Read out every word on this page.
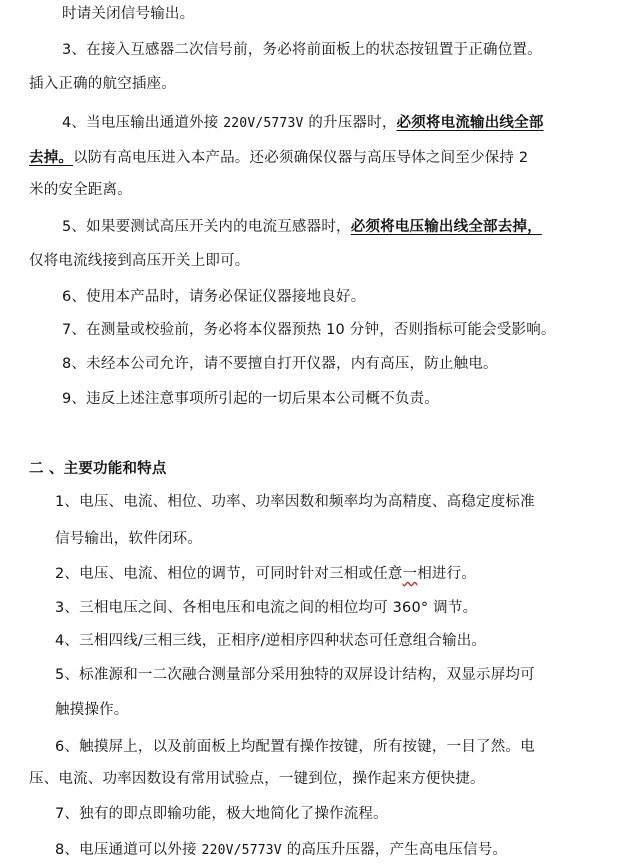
时请关闭信号输出。
3、在接入互感器二次信号前，务必将前面板上的状态按钮置于正确位置。
插入正确的航空插座。
4、当电压输出通道外接 220V/5773V 的升压器时，必须将电流输出线全部
去掉。以防有高电压进入本产品。还必须确保仪器与高压导体之间至少保持 2
米的安全距离。
5、如果要测试高压开关内的电流互感器时，必须将电压输出线全部去掉，
仅将电流线接到高压开关上即可。
6、使用本产品时，请务必保证仪器接地良好。
7、在测量或校验前，务必将本仪器预热 10 分钟，否则指标可能会受影响。
8、未经本公司允许，请不要擅自打开仪器，内有高压，防止触电。
9、违反上述注意事项所引起的一切后果本公司概不负责。
二 、主要功能和特点
1、电压、电流、相位、功率、功率因数和频率均为高精度、高稳定度标准
信号输出，软件闭环。
2、电压、电流、相位的调节，可同时针对三相或任意一相进行。
3、三相电压之间、各相电压和电流之间的相位均可 360° 调节。
4、三相四线/三相三线，正相序/逆相序四种状态可任意组合输出。
5、标准源和一二次融合测量部分采用独特的双屏设计结构，双显示屏均可
触摸操作。
6、触摸屏上，以及前面板上均配置有操作按键，所有按键，一目了然。电
压、电流、功率因数设有常用试验点，一键到位，操作起来方便快捷。
7、独有的即点即输功能，极大地简化了操作流程。
8、电压通道可以外接 220V/5773V 的高压升压器，产生高电压信号。
